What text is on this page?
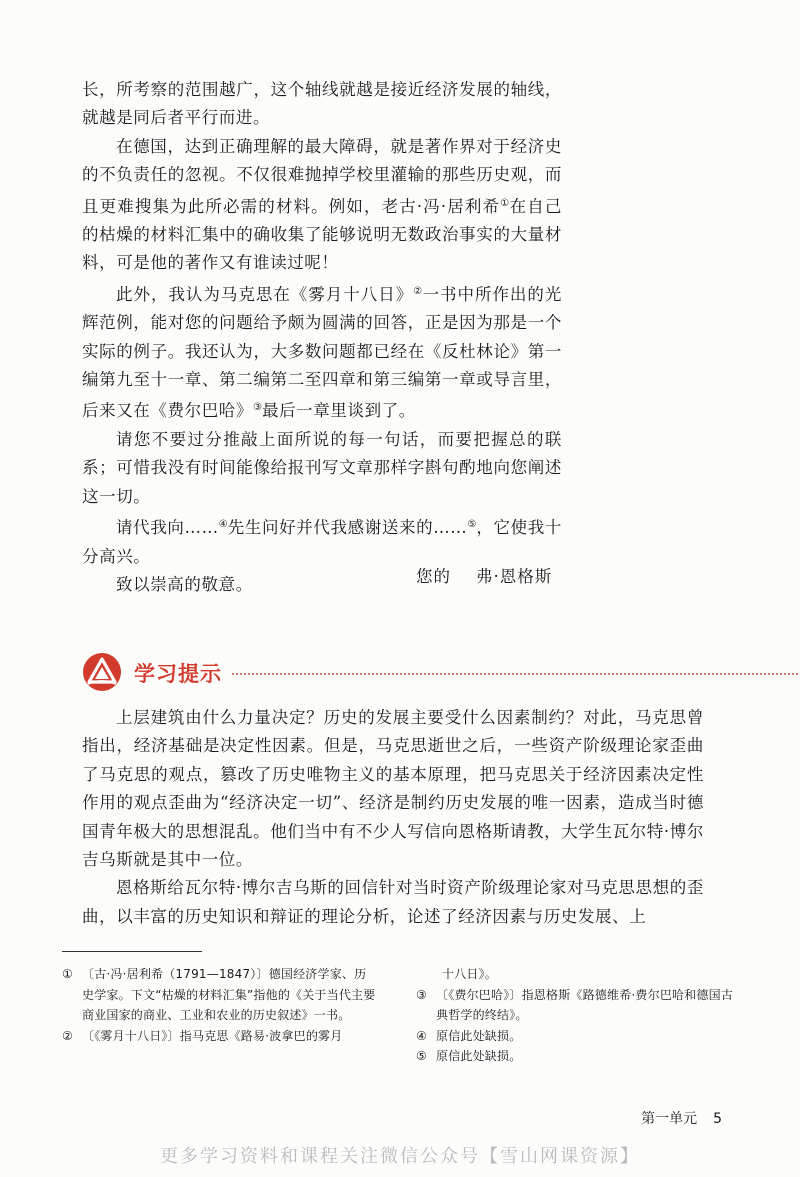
长，所考察的范围越广，这个轴线就越是接近经济发展的轴线，就越是同后者平行而进。

在德国，达到正确理解的最大障碍，就是著作界对于经济史的不负责任的忽视。不仅很难抛掉学校里灌输的那些历史观，而且更难搜集为此所必需的材料。例如，老古·冯·居利希①在自己的枯燥的材料汇集中的确收集了能够说明无数政治事实的大量材料，可是他的著作又有谁读过呢！

此外，我认为马克思在《雾月十八日》②一书中所作出的光辉范例，能对您的问题给予颇为圆满的回答，正是因为那是一个实际的例子。我还认为，大多数问题都已经在《反杜林论》第一编第九至十一章、第二编第二至四章和第三编第一章或导言里，后来又在《费尔巴哈》③最后一章里谈到了。

请您不要过分推敲上面所说的每一句话，而要把握总的联系；可惜我没有时间能像给报刊写文章那样字斟句酌地向您阐述这一切。

请代我向……④先生问好并代我感谢送来的……⑤，它使我十分高兴。

致以崇高的敬意。	您的    弗·恩格斯
学习提示

上层建筑由什么力量决定？历史的发展主要受什么因素制约？对此，马克思曾指出，经济基础是决定性因素。但是，马克思逝世之后，一些资产阶级理论家歪曲了马克思的观点，篡改了历史唯物主义的基本原理，把马克思关于经济因素决定性作用的观点歪曲为“经济决定一切”、经济是制约历史发展的唯一因素，造成当时德国青年极大的思想混乱。他们当中有不少人写信向恩格斯请教，大学生瓦尔特·博尔吉乌斯就是其中一位。

恩格斯给瓦尔特·博尔吉乌斯的回信针对当时资产阶级理论家对马克思思想的歪曲，以丰富的历史知识和辩证的理论分析，论述了经济因素与历史发展、上

① 〔古·冯·居利希（1791—1847）〕德国经济学家、历史学家。下文“枯燥的材料汇集”指他的《关于当代主要商业国家的商业、工业和农业的历史叙述》一书。
② 〔《雾月十八日》〕指马克思《路易·波拿巴的雾月
十八日》。
③ 〔《费尔巴哈》〕指恩格斯《路德维希·费尔巴哈和德国古典哲学的终结》。
④ 原信此处缺损。
⑤ 原信此处缺损。
第一单元 5
更多学习资料和课程关注微信公众号【雪山网课资源】
